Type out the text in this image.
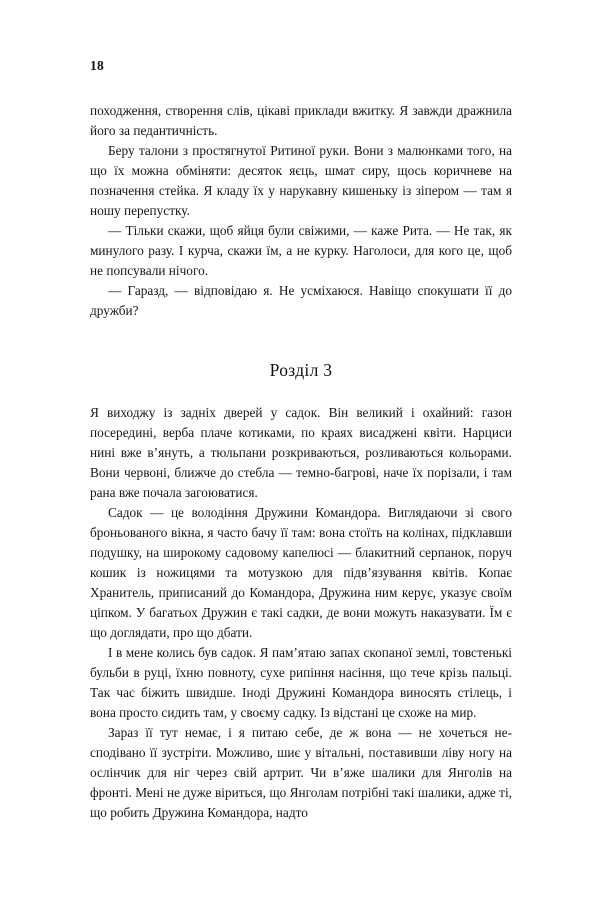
18

походження, створення слів, цікаві приклади вжитку. Я завжди дражнила його за педантичність.

Беру талони з простягнутої Ритиної руки. Вони з малюнками того, на що їх можна обміняти: десяток яєць, шмат сиру, щось коричневе на позначення стейка. Я кладу їх у нарукавну кишеньку із зіпером — там я ношу перепустку.

— Тільки скажи, щоб яйця були свіжими, — каже Рита. — Не так, як минулого разу. І курча, скажи їм, а не курку. Наголоси, для кого це, щоб не попсували нічого.

— Гаразд, — відповідаю я. Не усміхаюся. Навіщо спокушати її до дружби?

Розділ 3

Я виходжу із задніх дверей у садок. Він великий і охайний: газон посередині, верба плаче котиками, по краях висаджені квіти. Нарциси нині вже в’януть, а тюльпани розкриваються, розливаються кольорами. Вони червоні, ближче до стебла — темно-багрові, наче їх порізали, і там рана вже почала загоюватися.

Садок — це володіння Дружини Командора. Виглядаючи зі свого броньованого вікна, я часто бачу її там: вона стоїть на колінах, підклавши подушку, на широкому садовому капелюсі — блакитний серпанок, поруч кошик із ножицями та мотузкою для підв’язування квітів. Копає Хранитель, приписаний до Командора, Дружина ним керує, указує своїм ціпком. У багатьох Дружин є такі садки, де вони можуть наказувати. Їм є що доглядати, про що дбати.

І в мене колись був садок. Я пам’ятаю запах скопаної землі, товстенькі бульби в руці, їхню повноту, сухе рипіння насіння, що тече крізь пальці. Так час біжить швидше. Іноді Дружині Командора виносять стілець, і вона просто сидить там, у своєму садку. Із відстані це схоже на мир.

Зараз її тут немає, і я питаю себе, де ж вона — не хочеться несподівано її зустріти. Можливо, шиє у вітальні, поставивши ліву ногу на ослінчик для ніг через свій артрит. Чи в’яже шалики для Янголів на фронті. Мені не дуже віриться, що Янголам потрібні такі шалики, адже ті, що робить Дружина Командора, надто
